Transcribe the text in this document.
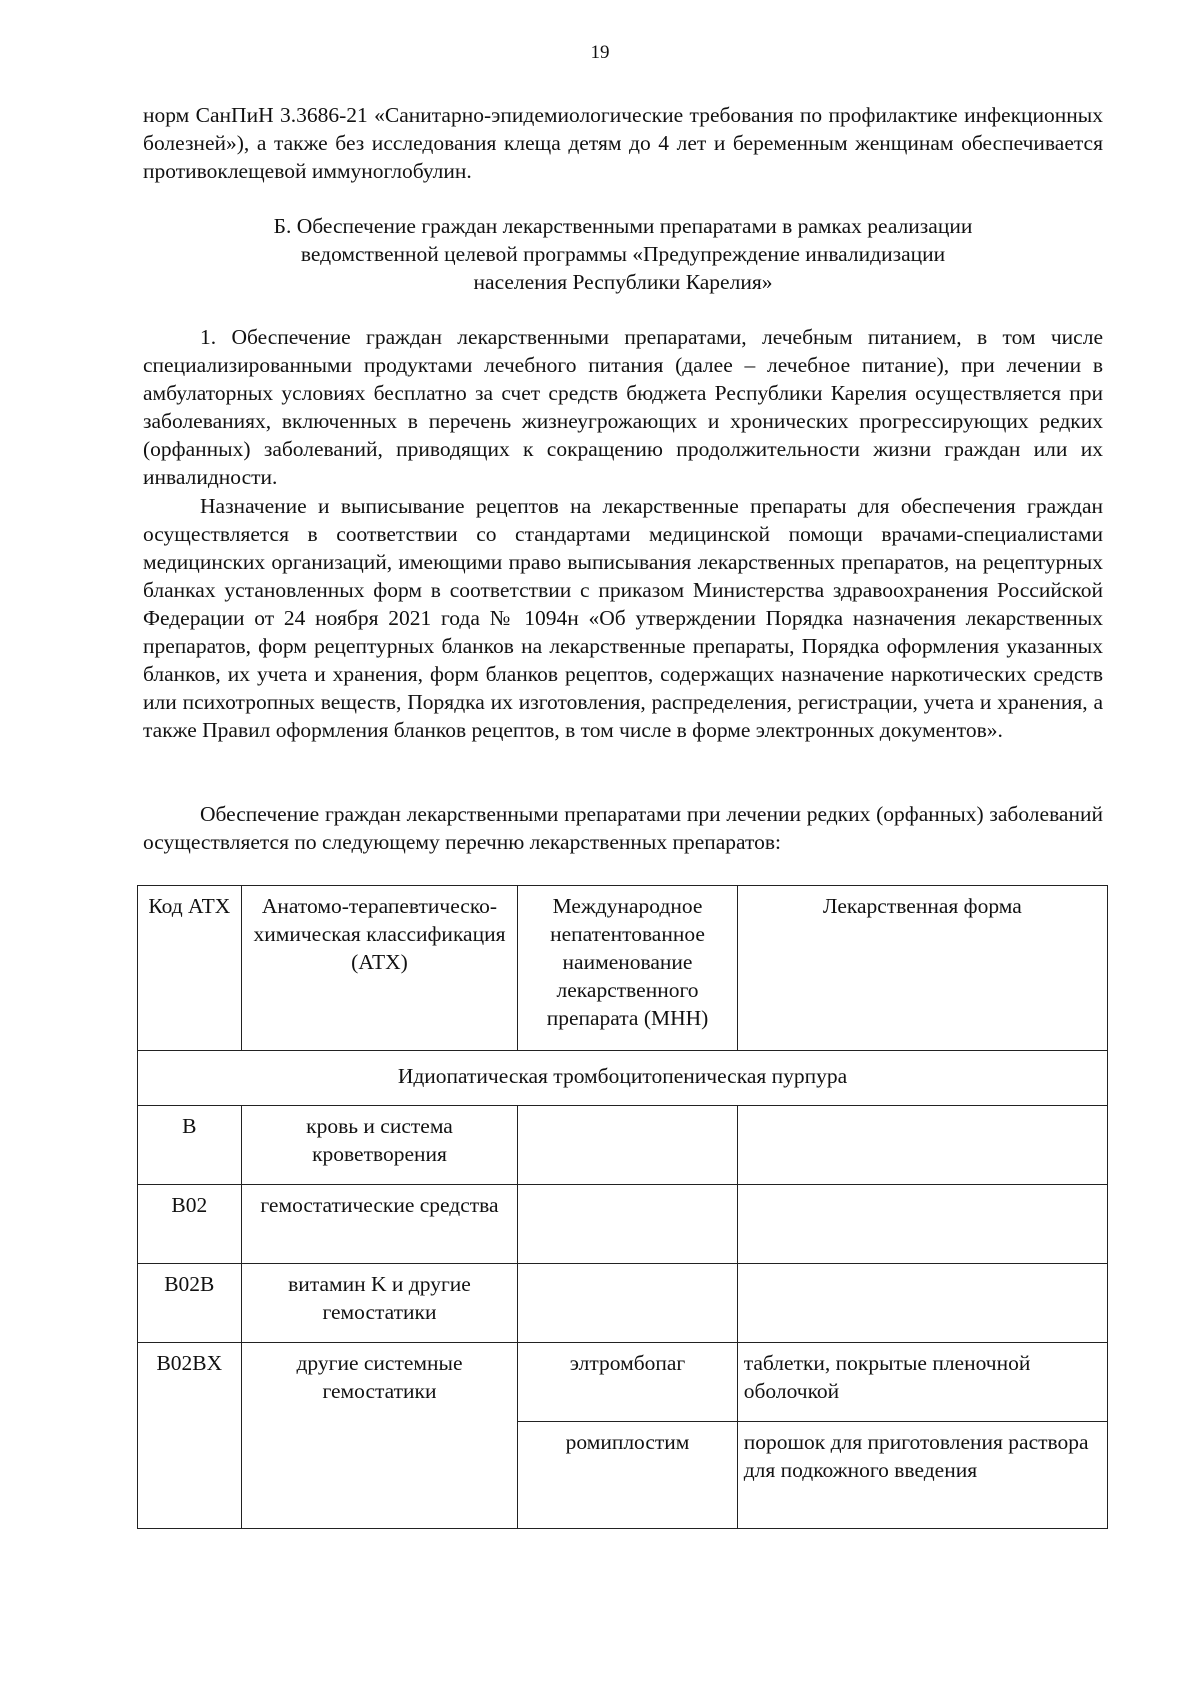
19

норм СанПиН 3.3686-21 «Санитарно-эпидемиологические требования по профилактике инфекционных болезней»), а также без исследования клеща детям до 4 лет и беременным женщинам обеспечивается противоклещевой иммуноглобулин.

Б. Обеспечение граждан лекарственными препаратами в рамках реализации
ведомственной целевой программы «Предупреждение инвалидизации
населения Республики Карелия»

1. Обеспечение граждан лекарственными препаратами, лечебным питанием, в том числе специализированными продуктами лечебного питания (далее – лечебное питание), при лечении в амбулаторных условиях бесплатно за счет средств бюджета Республики Карелия осуществляется при заболеваниях, включенных в перечень жизнеугрожающих и хронических прогрессирующих редких (орфанных) заболеваний, приводящих к сокращению продолжительности жизни граждан или их инвалидности.

Назначение и выписывание рецептов на лекарственные препараты для обеспечения граждан осуществляется в соответствии со стандартами медицинской помощи врачами-специалистами медицинских организаций, имеющими право выписывания лекарственных препаратов, на рецептурных бланках установленных форм в соответствии с приказом Министерства здравоохранения Российской Федерации от 24 ноября 2021 года № 1094н «Об утверждении Порядка назначения лекарственных препаратов, форм рецептурных бланков на лекарственные препараты, Порядка оформления указанных бланков, их учета и хранения, форм бланков рецептов, содержащих назначение наркотических средств или психотропных веществ, Порядка их изготовления, распределения, регистрации, учета и хранения, а также Правил оформления бланков рецептов, в том числе в форме электронных документов».

Обеспечение граждан лекарственными препаратами при лечении редких (орфанных) заболеваний осуществляется по следующему перечню лекарственных препаратов:

Код АТХ	Анатомо-терапевтическо-химическая классификация (АТХ)	Международное непатентованное наименование лекарственного препарата (МНН)	Лекарственная форма
Идиопатическая тромбоцитопеническая пурпура			
B	кровь и система кроветворения		
B02	гемостатические средства		
B02B	витамин K и другие гемостатики		
B02BX	другие системные гемостатики	элтромбопаг	таблетки, покрытые пленочной оболочкой
		ромиплостим	порошок для приготовления раствора для подкожного введения
